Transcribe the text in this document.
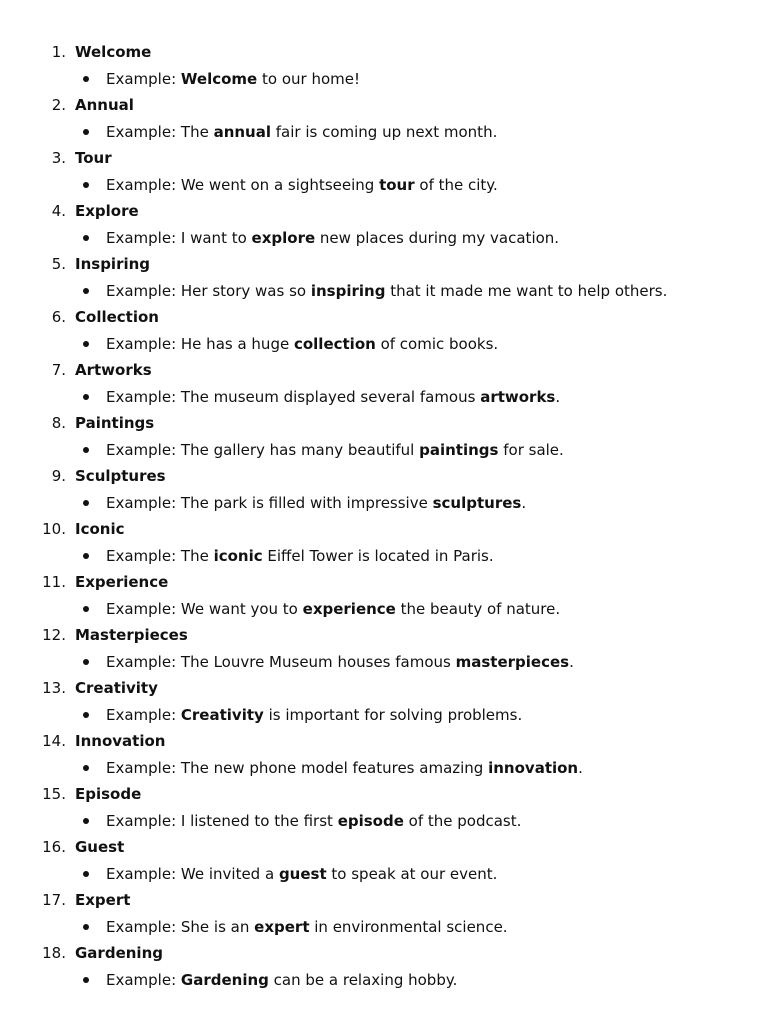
1. Welcome
Example: Welcome to our home!
2. Annual
Example: The annual fair is coming up next month.
3. Tour
Example: We went on a sightseeing tour of the city.
4. Explore
Example: I want to explore new places during my vacation.
5. Inspiring
Example: Her story was so inspiring that it made me want to help others.
6. Collection
Example: He has a huge collection of comic books.
7. Artworks
Example: The museum displayed several famous artworks.
8. Paintings
Example: The gallery has many beautiful paintings for sale.
9. Sculptures
Example: The park is filled with impressive sculptures.
10. Iconic
Example: The iconic Eiffel Tower is located in Paris.
11. Experience
Example: We want you to experience the beauty of nature.
12. Masterpieces
Example: The Louvre Museum houses famous masterpieces.
13. Creativity
Example: Creativity is important for solving problems.
14. Innovation
Example: The new phone model features amazing innovation.
15. Episode
Example: I listened to the first episode of the podcast.
16. Guest
Example: We invited a guest to speak at our event.
17. Expert
Example: She is an expert in environmental science.
18. Gardening
Example: Gardening can be a relaxing hobby.
